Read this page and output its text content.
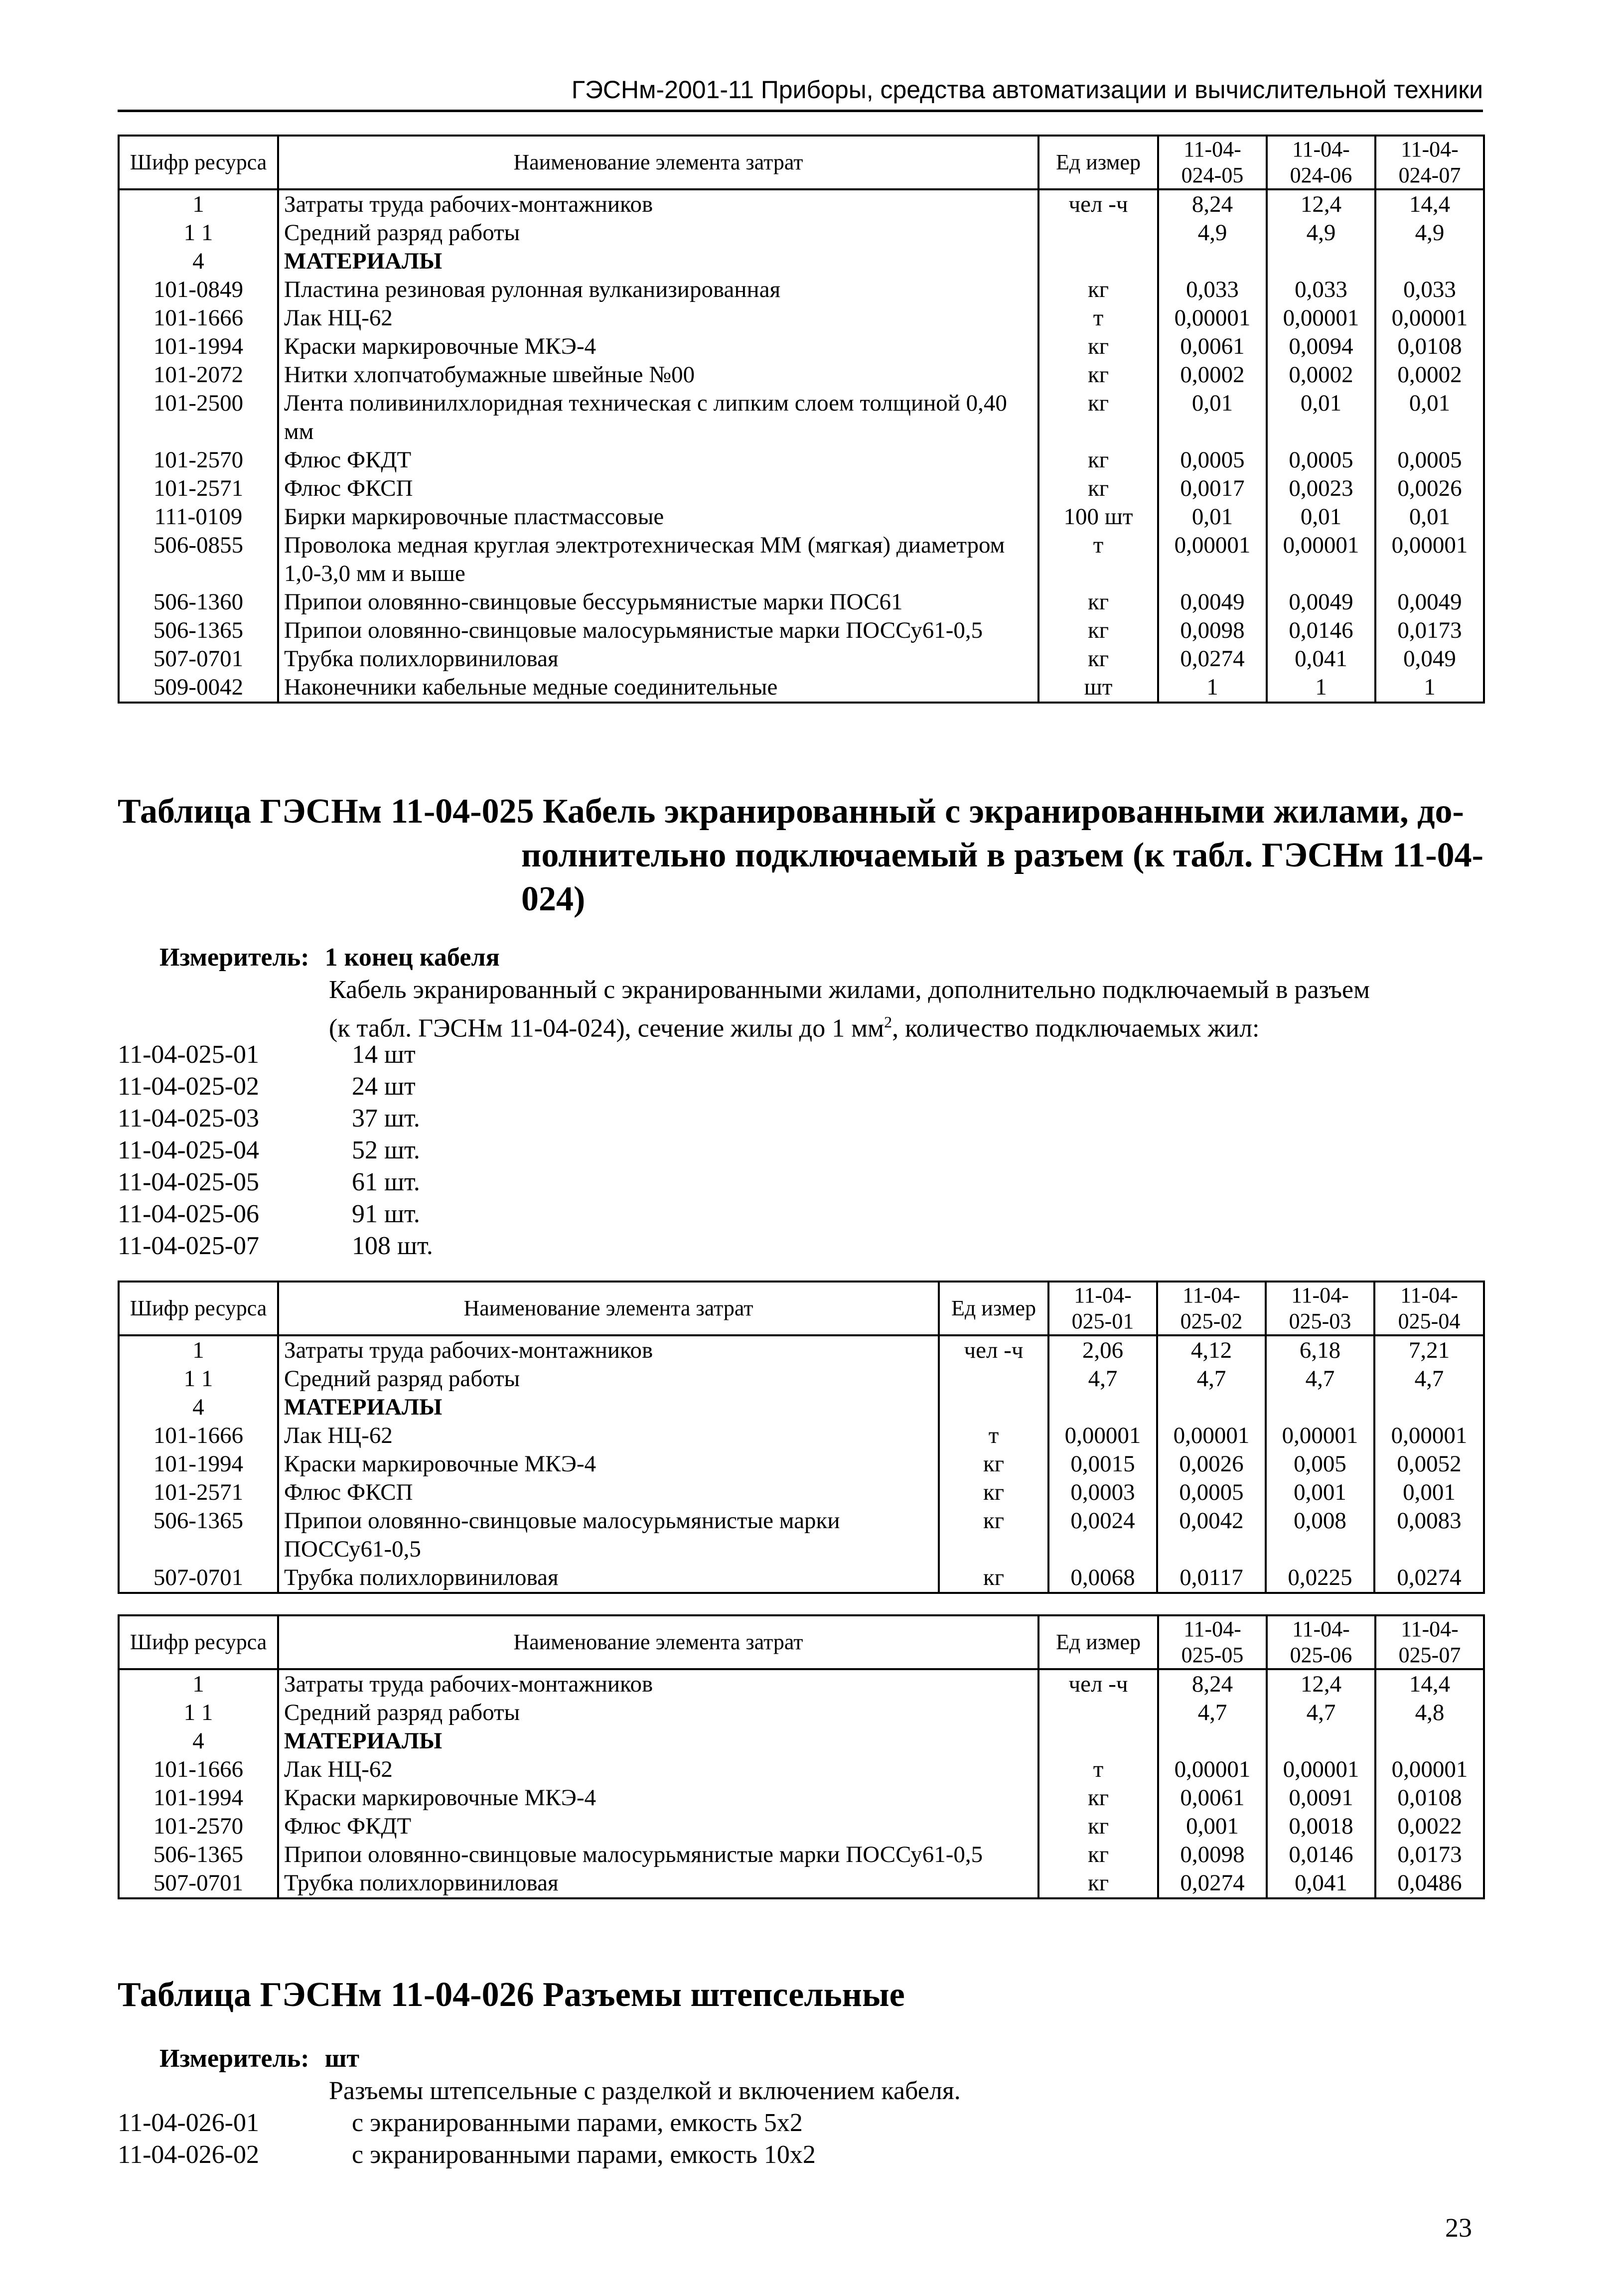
ГЭСНм-2001-11 Приборы, средства автоматизации и вычислительной техники
Шифр ресурса	Наименование элемента затрат	Ед измер	11-04-024-05	11-04-024-06	11-04-024-07
1	Затраты труда рабочих-монтажников	чел -ч	8,24	12,4	14,4
1 1	Средний разряд работы		4,9	4,9	4,9
4	МАТЕРИАЛЫ				
101-0849	Пластина резиновая рулонная вулканизированная	кг	0,033	0,033	0,033
101-1666	Лак НЦ-62	т	0,00001	0,00001	0,00001
101-1994	Краски маркировочные МКЭ-4	кг	0,0061	0,0094	0,0108
101-2072	Нитки хлопчатобумажные швейные №00	кг	0,0002	0,0002	0,0002
101-2500	Лента поливинилхлоридная техническая с липким слоем толщиной 0,40 мм	кг	0,01	0,01	0,01
101-2570	Флюс ФКДТ	кг	0,0005	0,0005	0,0005
101-2571	Флюс ФКСП	кг	0,0017	0,0023	0,0026
111-0109	Бирки маркировочные пластмассовые	100 шт	0,01	0,01	0,01
506-0855	Проволока медная круглая электротехническая ММ (мягкая) диаметром 1,0-3,0 мм и выше	т	0,00001	0,00001	0,00001
506-1360	Припои оловянно-свинцовые бессурьмянистые марки ПОС61	кг	0,0049	0,0049	0,0049
506-1365	Припои оловянно-свинцовые малосурьмянистые марки ПОССу61-0,5	кг	0,0098	0,0146	0,0173
507-0701	Трубка полихлорвиниловая	кг	0,0274	0,041	0,049
509-0042	Наконечники кабельные медные соединительные	шт	1	1	1
Таблица ГЭСНм 11-04-025 Кабель экранированный с экранированными жилами, до-
полнительно подключаемый в разъем (к табл. ГЭСНм 11-04-
024)
Измеритель: 1 конец кабеля
Кабель экранированный с экранированными жилами, дополнительно подключаемый в разъем
(к табл. ГЭСНм 11-04-024), сечение жилы до 1 $мм^2$, количество подключаемых жил:
11-04-025-01	14 шт
11-04-025-02	24 шт
11-04-025-03	37 шт.
11-04-025-04	52 шт.
11-04-025-05	61 шт.
11-04-025-06	91 шт.
11-04-025-07	108 шт.
Шифр ресурса	Наименование элемента затрат	Ед измер	11-04-025-01	11-04-025-02	11-04-025-03	11-04-025-04
1	Затраты труда рабочих-монтажников	чел -ч	2,06	4,12	6,18	7,21
1 1	Средний разряд работы		4,7	4,7	4,7	4,7
4	МАТЕРИАЛЫ					
101-1666	Лак НЦ-62	т	0,00001	0,00001	0,00001	0,00001
101-1994	Краски маркировочные МКЭ-4	кг	0,0015	0,0026	0,005	0,0052
101-2571	Флюс ФКСП	кг	0,0003	0,0005	0,001	0,001
506-1365	Припои оловянно-свинцовые малосурьмянистые марки ПОССу61-0,5	кг	0,0024	0,0042	0,008	0,0083
507-0701	Трубка полихлорвиниловая	кг	0,0068	0,0117	0,0225	0,0274
Шифр ресурса	Наименование элемента затрат	Ед измер	11-04-025-05	11-04-025-06	11-04-025-07
1	Затраты труда рабочих-монтажников	чел -ч	8,24	12,4	14,4
1 1	Средний разряд работы		4,7	4,7	4,8
4	МАТЕРИАЛЫ				
101-1666	Лак НЦ-62	т	0,00001	0,00001	0,00001
101-1994	Краски маркировочные МКЭ-4	кг	0,0061	0,0091	0,0108
101-2570	Флюс ФКДТ	кг	0,001	0,0018	0,0022
506-1365	Припои оловянно-свинцовые малосурьмянистые марки ПОССу61-0,5	кг	0,0098	0,0146	0,0173
507-0701	Трубка полихлорвиниловая	кг	0,0274	0,041	0,0486
Таблица ГЭСНм 11-04-026 Разъемы штепсельные
Измеритель: шт
Разъемы штепсельные с разделкой и включением кабеля.
11-04-026-01	с экранированными парами, емкость 5х2
11-04-026-02	с экранированными парами, емкость 10х2
23
